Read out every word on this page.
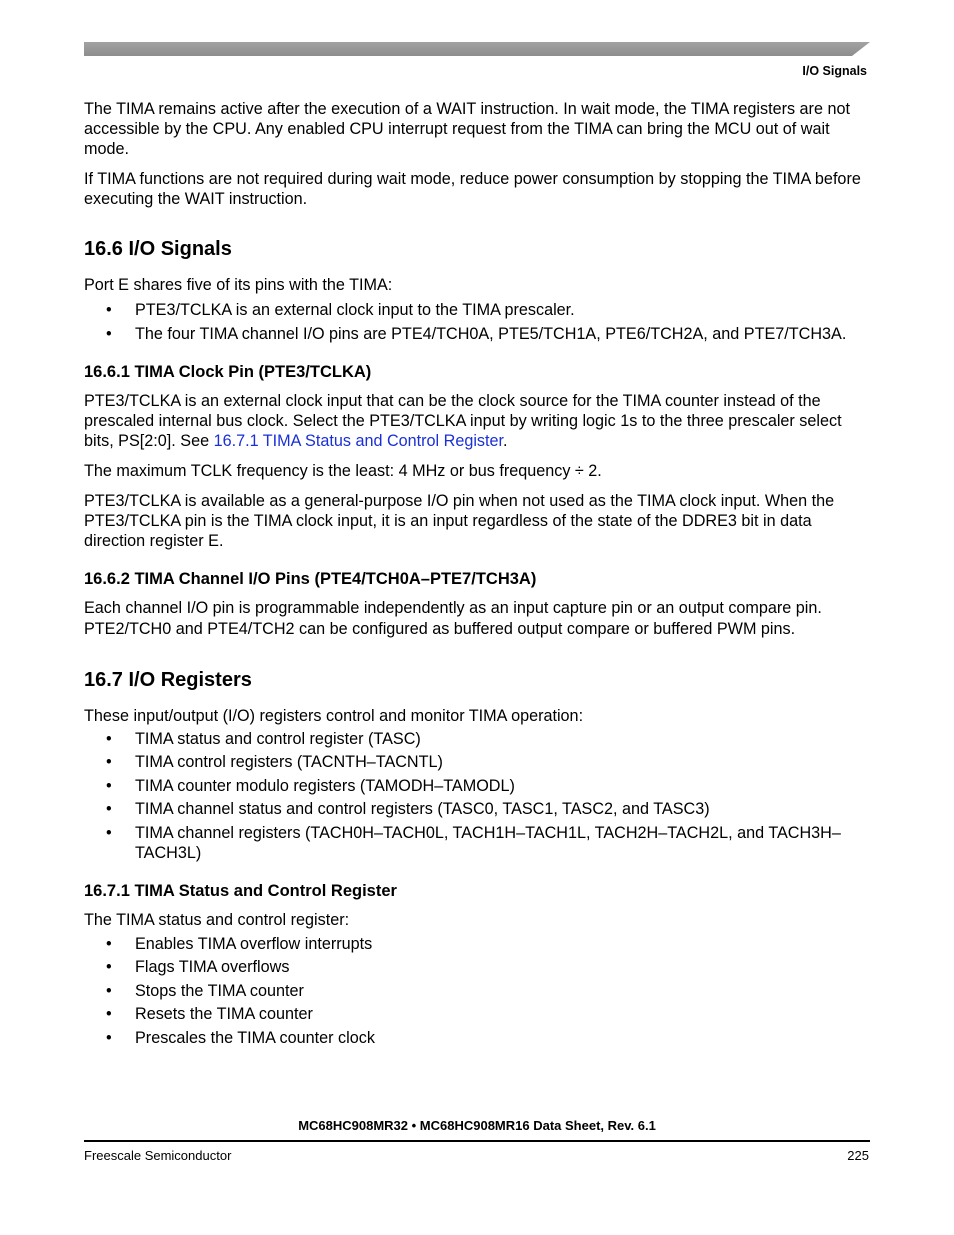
I/O Signals

The TIMA remains active after the execution of a WAIT instruction. In wait mode, the TIMA registers are not accessible by the CPU. Any enabled CPU interrupt request from the TIMA can bring the MCU out of wait mode.

If TIMA functions are not required during wait mode, reduce power consumption by stopping the TIMA before executing the WAIT instruction.

16.6 I/O Signals

Port E shares five of its pins with the TIMA:

• PTE3/TCLKA is an external clock input to the TIMA prescaler.
• The four TIMA channel I/O pins are PTE4/TCH0A, PTE5/TCH1A, PTE6/TCH2A, and PTE7/TCH3A.
16.6.1 TIMA Clock Pin (PTE3/TCLKA)

PTE3/TCLKA is an external clock input that can be the clock source for the TIMA counter instead of the prescaled internal bus clock. Select the PTE3/TCLKA input by writing logic 1s to the three prescaler select bits, PS[2:0]. See 16.7.1 TIMA Status and Control Register.

The maximum TCLK frequency is the least: 4 MHz or bus frequency ÷ 2.

PTE3/TCLKA is available as a general-purpose I/O pin when not used as the TIMA clock input. When the PTE3/TCLKA pin is the TIMA clock input, it is an input regardless of the state of the DDRE3 bit in data direction register E.

16.6.2 TIMA Channel I/O Pins (PTE4/TCH0A–PTE7/TCH3A)

Each channel I/O pin is programmable independently as an input capture pin or an output compare pin. PTE2/TCH0 and PTE4/TCH2 can be configured as buffered output compare or buffered PWM pins.

16.7 I/O Registers

These input/output (I/O) registers control and monitor TIMA operation:

• TIMA status and control register (TASC)
• TIMA control registers (TACNTH–TACNTL)
• TIMA counter modulo registers (TAMODH–TAMODL)
• TIMA channel status and control registers (TASC0, TASC1, TASC2, and TASC3)
• TIMA channel registers (TACH0H–TACH0L, TACH1H–TACH1L, TACH2H–TACH2L, and TACH3H–TACH3L)
16.7.1 TIMA Status and Control Register

The TIMA status and control register:

• Enables TIMA overflow interrupts
• Flags TIMA overflows
• Stops the TIMA counter
• Resets the TIMA counter
• Prescales the TIMA counter clock
MC68HC908MR32 • MC68HC908MR16 Data Sheet, Rev. 6.1
Freescale Semiconductor	225
